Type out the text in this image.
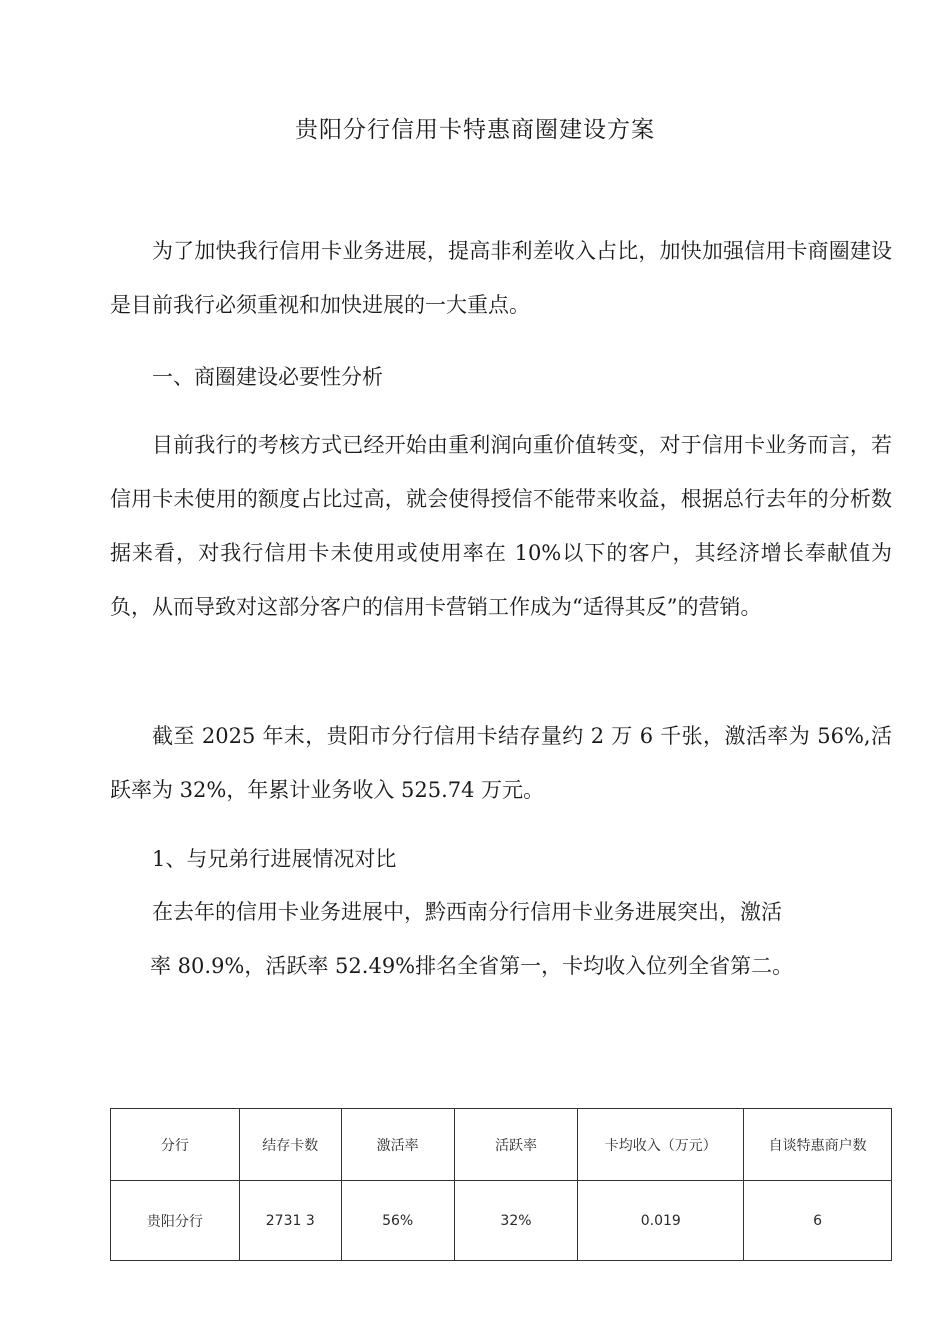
贵阳分行信用卡特惠商圈建设方案

为了加快我行信用卡业务进展，提高非利差收入占比，加快加强信用卡商圈建设是目前我行必须重视和加快进展的一大重点。

一、商圈建设必要性分析

目前我行的考核方式已经开始由重利润向重价值转变，对于信用卡业务而言，若信用卡未使用的额度占比过高，就会使得授信不能带来收益，根据总行去年的分析数据来看，对我行信用卡未使用或使用率在 10%以下的客户，其经济增长奉献值为负，从而导致对这部分客户的信用卡营销工作成为“适得其反”的营销。

截至 2025 年末，贵阳市分行信用卡结存量约 2 万 6 千张，激活率为 56%,活跃率为 32%，年累计业务收入 525.74 万元。

1、与兄弟行进展情况对比

在去年的信用卡业务进展中，黔西南分行信用卡业务进展突出，激活
率 80.9%，活跃率 52.49%排名全省第一，卡均收入位列全省第二。

分行	结存卡数	激活率	活跃率	卡均收入（万元）	自谈特惠商户数
贵阳分行	2731 3	56%	32%	0.019	6
